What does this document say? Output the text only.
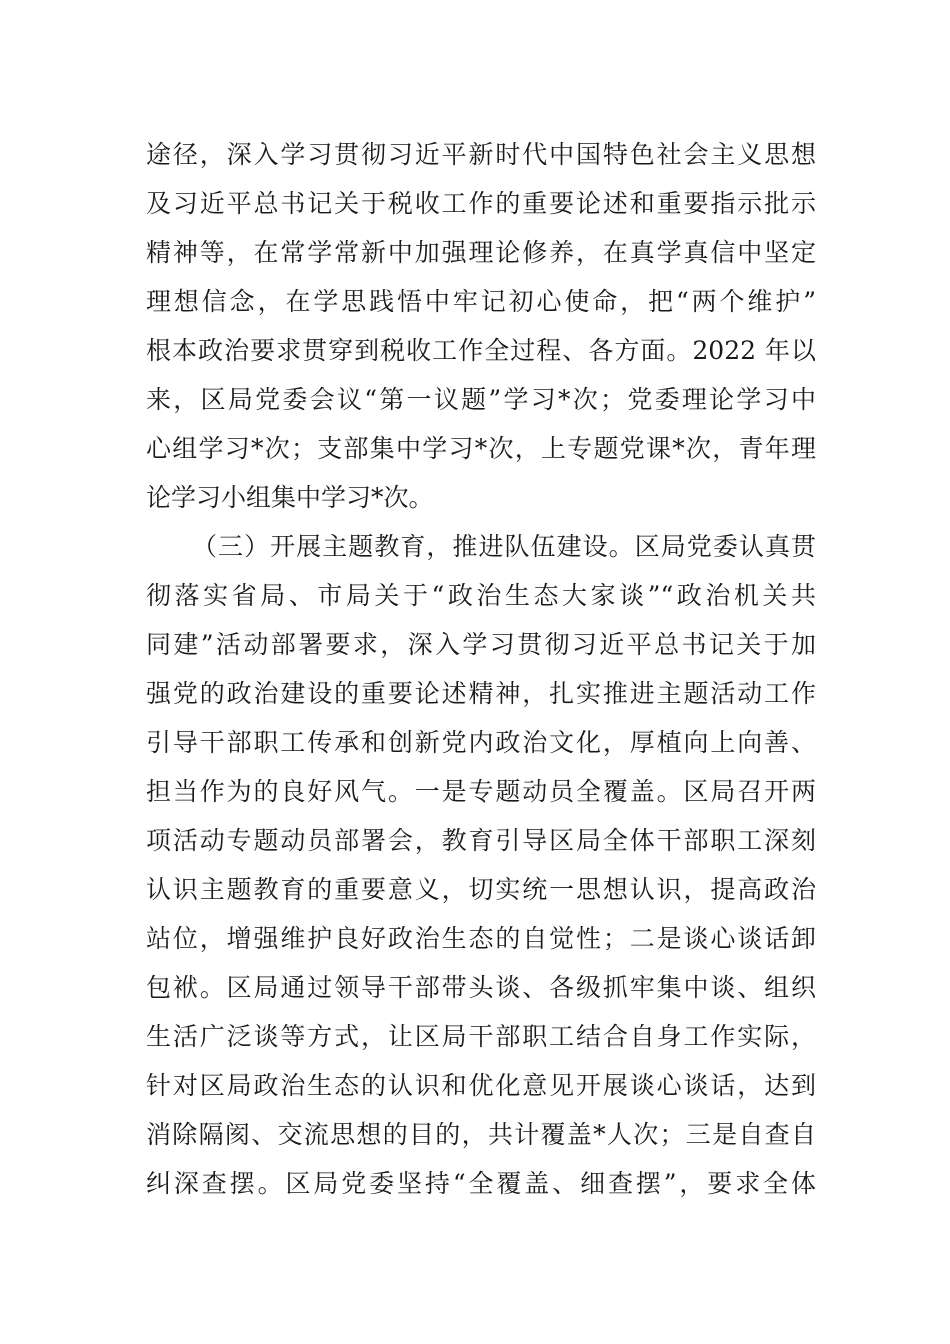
途径，深入学习贯彻习近平新时代中国特色社会主义思想
及习近平总书记关于税收工作的重要论述和重要指示批示
精神等，在常学常新中加强理论修养，在真学真信中坚定
理想信念，在学思践悟中牢记初心使命，把“两个维护”
根本政治要求贯穿到税收工作全过程、各方面。2022 年以
来，区局党委会议“第一议题”学习*次；党委理论学习中
心组学习*次；支部集中学习*次，上专题党课*次，青年理
论学习小组集中学习*次。
（三）开展主题教育，推进队伍建设。区局党委认真贯
彻落实省局、市局关于“政治生态大家谈”“政治机关共
同建”活动部署要求，深入学习贯彻习近平总书记关于加
强党的政治建设的重要论述精神，扎实推进主题活动工作
引导干部职工传承和创新党内政治文化，厚植向上向善、
担当作为的良好风气。一是专题动员全覆盖。区局召开两
项活动专题动员部署会，教育引导区局全体干部职工深刻
认识主题教育的重要意义，切实统一思想认识，提高政治
站位，增强维护良好政治生态的自觉性；二是谈心谈话卸
包袱。区局通过领导干部带头谈、各级抓牢集中谈、组织
生活广泛谈等方式，让区局干部职工结合自身工作实际，
针对区局政治生态的认识和优化意见开展谈心谈话，达到
消除隔阂、交流思想的目的，共计覆盖*人次；三是自查自
纠深查摆。区局党委坚持“全覆盖、细查摆”，要求全体
